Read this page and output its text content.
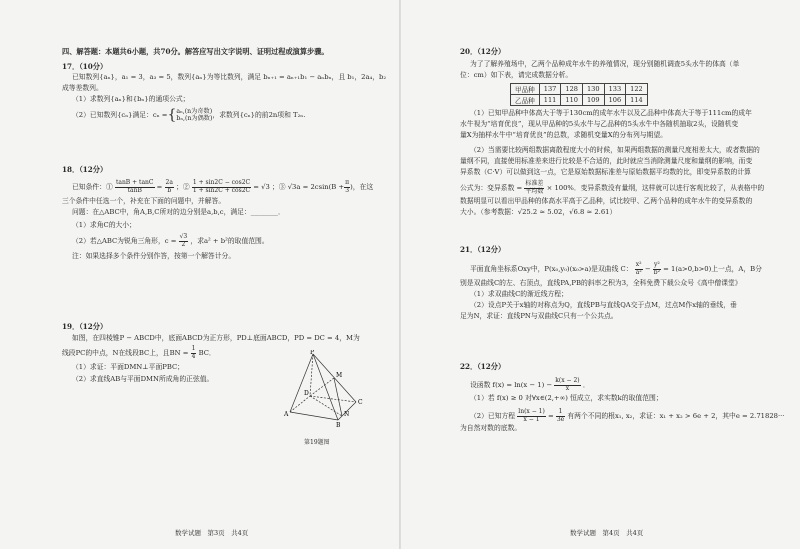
四、解答题：本题共6小题，共70分。解答应写出文字说明、证明过程或演算步骤。
17．（10分）
已知数列{aₙ}，a₁ = 3，a₃ = 5，数列{aₙ}为等比数列，满足 bₙ₊₁ = aₙ₊₁b₁ − aₙbₙ，且 b₁，2a₄，b₂
成等差数列。
（1）求数列{aₙ}和{bₙ}的通项公式；
（2）已知数列{cₙ}满足：cₙ ={ aₙ,(n为奇数)
bₙ,(n为偶数) ，求数列{cₙ}的前2n项和 T₂ₙ.
18．（12分）
已知条件：① $\frac{\tan B + \tan C}{\tan B} = \frac{2a}{b}$ ；② $\frac{1 + \sin 2C - \cos 2C}{1 + \sin 2C + \cos 2C} = √3$ ；③ $√3a = 2csin(B + \frac{\pi}{3}$ )，在这
三个条件中任选一个，补充在下面的问题中，并解答。
问题：在△ABC中，角A,B,C所对的边分别是a,b,c，满足：________．
（1）求角C的大小；
（2）若△ABC为锐角三角形，$c = \frac{√3}{2}$ ，求a² + b²的取值范围。
注：如果选择多个条件分别作答，按第一个解答计分。
19．（12分）
如图，在四棱锥P − ABCD中，底面ABCD为正方形，PD⊥底面ABCD，PD = DC = 4，M为
线段PC的中点，N在线段BC上，且BN = $\frac{1}{4}$ BC．
（1）求证：平面DMN⊥平面PBC；
（2）求直线AB与平面DMN所成角的正弦值。
P
A
B
C
D
M
N
第19题图
数学试题　第3页　共4页
20．（12分）
为了了解养殖场中，乙两个品种成年水牛的养殖情况，现分别随机调查5头水牛的体高（单
位：cm）如下表，请完成数据分析。
甲品种	137	128	130	133	122
乙品种	111	110	109	106	114
（1）已知甲品种中体高大于等于130cm的成年水牛以及乙品种中体高大于等于111cm的成年
水牛视为“培育优良”，现从甲品种的5头水牛与乙品种的5头水牛中各随机抽取2头，设随机变
量X为抽样水牛中“培育优良”的总数，求随机变量X的分布列与期望。
（2）当需要比较两组数据离散程度大小的时候，如果两组数据的测量尺度相差太大，或者数据的
量纲不同，直接使用标准差来进行比较是不合适的，此时就应当消除测量尺度和量纲的影响，而变
异系数（C·V）可以做到这一点，它是原始数据标准差与原始数据平均数的比，即变异系数的计算
公式为：变异系数 = $\frac{\text{标准差}}{\text{平均数}} \times 100\%$．变异系数没有量纲，这样就可以进行客观比较了，从表格中的
数据明显可以看出甲品种的体高水平高于乙品种，试比较甲、乙两个品种的成年水牛的变异系数的
大小。（参考数据：√25.2 ≈ 5.02，√6.8 ≈ 2.61）
21．（12分）
平面直角坐标系Oxy中，P(x₀,y₀)(x₀>a)是双曲线 C： $\frac{\text{x²}}{\text{a²}} - \frac{\text{y²}}{\text{b²}} = 1(a>0,b>0)$上一点，A，B分
别是双曲线C的左、右顶点，直线PA,PB的斜率之积为3，全科免费下载公众号《高中僧课堂》
（1）求双曲线C的渐近线方程；
（2）设点P关于x轴的对称点为Q，直线PB与直线QA交于点M，过点M作x轴的垂线，垂
足为N，求证：直线PN与双曲线C只有一个公共点。
22．（12分）
设函数 $f(x) = \ln(x - 1) - \frac{k(x - 2)}{x}$ ．
（1）若 f(x) ≥ 0 对∀x∈(2,+∞) 恒成立，求实数k的取值范围；
（2）已知方程 $\frac{\ln(x - 1)}{x - 1} = \frac{1}{3e}$ 有两个不同的根x₁, x₂，求证：x₁ + x₂ > 6e + 2，其中e = 2.71828···
为自然对数的底数。
数学试题　第4页　共4页
